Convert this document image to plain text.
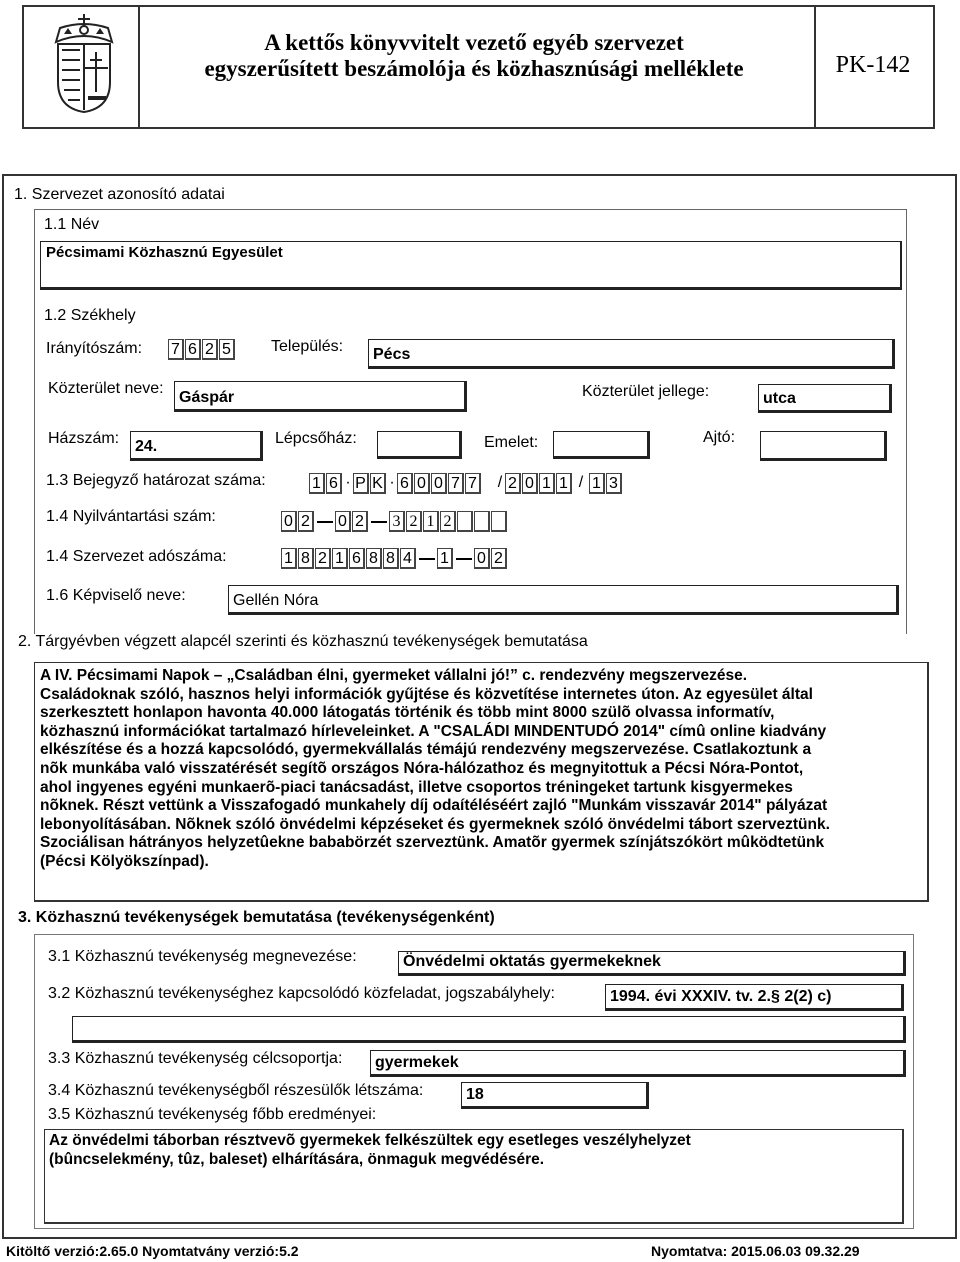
A kettős könyvvitelt vezető egyéb szervezet
egyszerűsített beszámolója és közhasznúsági melléklete	PK-142
1. Szervezet azonosító adatai
1.1 Név
Pécsimami Közhasznú Egyesület
1.2 Székhely
Irányítószám: 7 6 2 5	Település: Pécs
Közterület neve:
Gáspár	Közterület jellege:	utca
Házszám: 24.	Lépcsőház:	Emelet:	Ajtó:
1.3 Bejegyző határozat száma:	1 6 · P K · 6 0 0 7 7 / 2 0 1 1 / 1 3
1.4 Nyilvántartási szám:	0 2 0 2 3 2 1 2
1.4 Szervezet adószáma:	1 8 2 1 6 8 8 4 1 0 2
1.6 Képviselő neve:	Gellén Nóra
2. Tárgyévben végzett alapcél szerinti és közhasznú tevékenységek bemutatása
A IV. Pécsimami Napok – „Családban élni, gyermeket vállalni jó!” c. rendezvény megszervezése.
Családoknak szóló, hasznos helyi információk gyűjtése és közvetítése internetes úton. Az egyesület által
szerkesztett honlapon havonta 40.000 látogatás történik és több mint 8000 szülõ olvassa informatív,
közhasznú információkat tartalmazó hírleveleinket. A "CSALÁDI MINDENTUDÓ 2014" címû online kiadvány
elkészítése és a hozzá kapcsolódó, gyermekvállalás témájú rendezvény megszervezése. Csatlakoztunk a
nõk munkába való visszatérését segítõ országos Nóra-hálózathoz és megnyitottuk a Pécsi Nóra-Pontot,
ahol ingyenes egyéni munkaerõ-piaci tanácsadást, illetve csoportos tréningeket tartunk kisgyermekes
nõknek. Részt vettünk a Visszafogadó munkahely díj odaítéléséért zajló "Munkám visszavár 2014" pályázat
lebonyolításában. Nõknek szóló önvédelmi képzéseket és gyermeknek szóló önvédelmi tábort szerveztünk.
Szociálisan hátrányos helyzetûekne bababörzét szerveztünk. Amatõr gyermek színjátszókört mûködtetünk
(Pécsi Kölyökszínpad).
3. Közhasznú tevékenységek bemutatása (tevékenységenként)
3.1 Közhasznú tevékenység megnevezése:	Önvédelmi oktatás gyermekeknek
3.2 Közhasznú tevékenységhez kapcsolódó közfeladat, jogszabályhely:	1994. évi XXXIV. tv. 2.§ 2(2) c)
3.3 Közhasznú tevékenység célcsoportja: gyermekek
3.4 Közhasznú tevékenységből részesülők létszáma:	18
3.5 Közhasznú tevékenység főbb eredményei:
Az önvédelmi táborban résztvevõ gyermekek felkészültek egy esetleges veszélyhelyzet
(bûncselekmény, tûz, baleset) elhárítására, önmaguk megvédésére.
Kitöltő verzió:2.65.0 Nyomtatvány verzió:5.2	Nyomtatva: 2015.06.03 09.32.29
